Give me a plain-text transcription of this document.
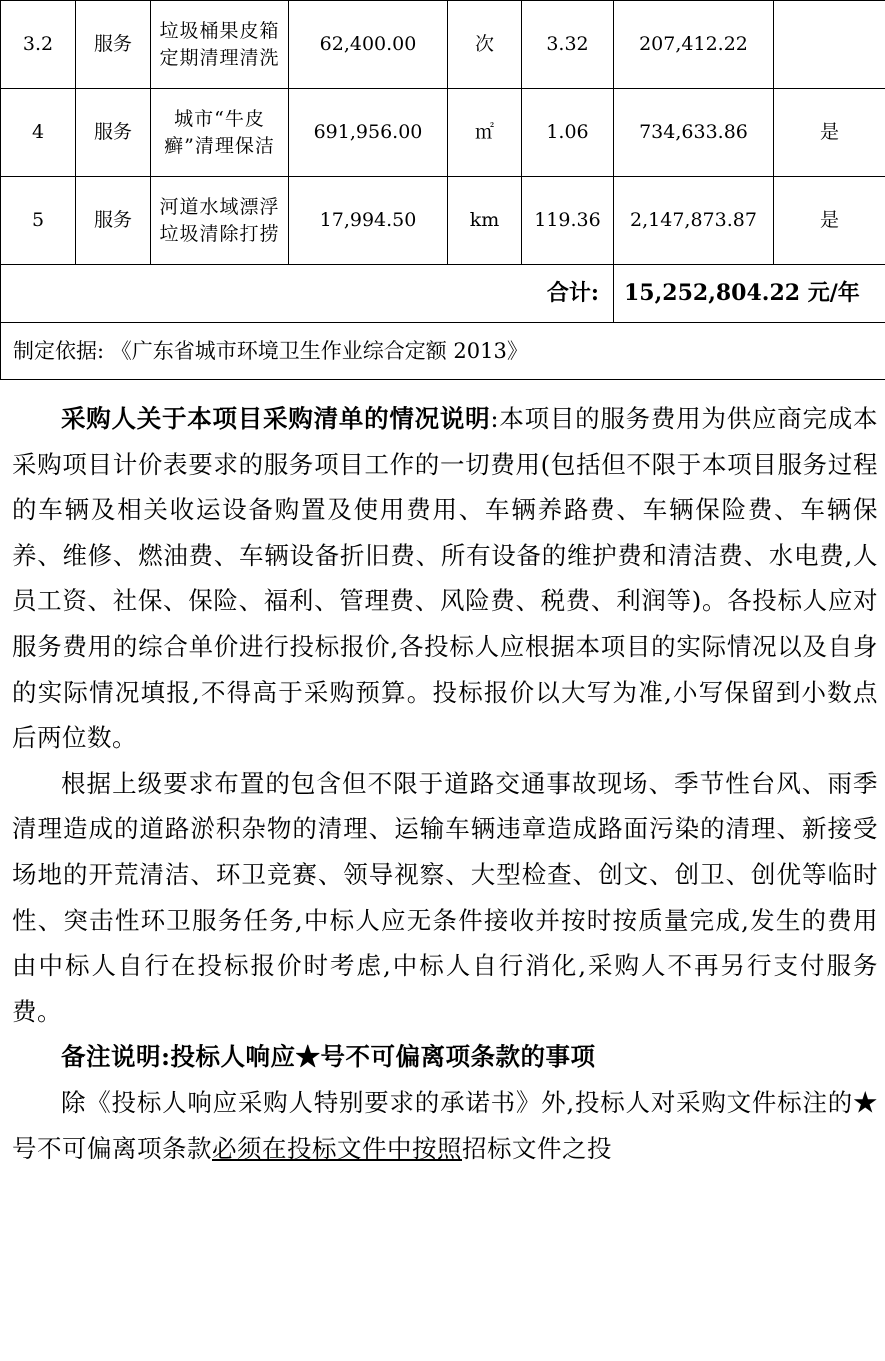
3.2	服务	垃圾桶果皮箱定期清理清洗	62,400.00	次	3.32	207,412.22	
4	服务	城市“牛皮癣”清理保洁	691,956.00	㎡	1.06	734,633.86	是
5	服务	河道水域漂浮垃圾清除打捞	17,994.50	km	119.36	2,147,873.87	是
合计:						15,252,804.22 元/年	
制定依据: 《广东省城市环境卫生作业综合定额 2013》							

采购人关于本项目采购清单的情况说明:本项目的服务费用为供应商完成本采购项目计价表要求的服务项目工作的一切费用(包括但不限于本项目服务过程的车辆及相关收运设备购置及使用费用、车辆养路费、车辆保险费、车辆保养、维修、燃油费、车辆设备折旧费、所有设备的维护费和清洁费、水电费,人员工资、社保、保险、福利、管理费、风险费、税费、利润等)。各投标人应对服务费用的综合单价进行投标报价,各投标人应根据本项目的实际情况以及自身的实际情况填报,不得高于采购预算。投标报价以大写为准,小写保留到小数点后两位数。

根据上级要求布置的包含但不限于道路交通事故现场、季节性台风、雨季清理造成的道路淤积杂物的清理、运输车辆违章造成路面污染的清理、新接受场地的开荒清洁、环卫竞赛、领导视察、大型检查、创文、创卫、创优等临时性、突击性环卫服务任务,中标人应无条件接收并按时按质量完成,发生的费用由中标人自行在投标报价时考虑,中标人自行消化,采购人不再另行支付服务费。

备注说明:投标人响应★号不可偏离项条款的事项

除《投标人响应采购人特别要求的承诺书》外,投标人对采购文件标注的★号不可偏离项条款必须在投标文件中按照招标文件之投
